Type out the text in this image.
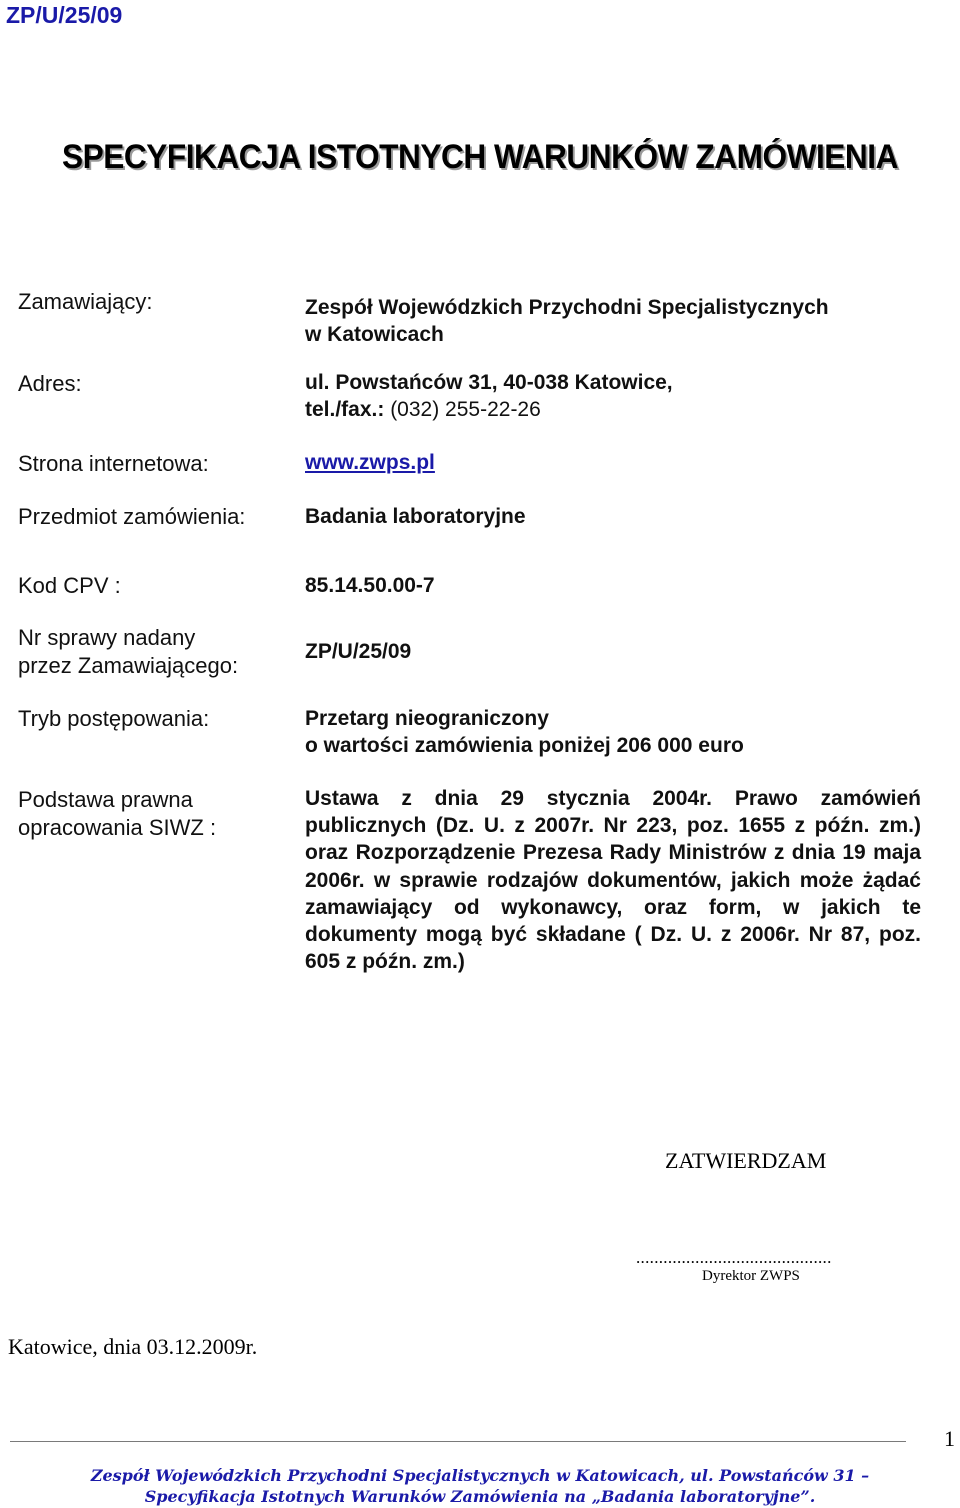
ZP/U/25/09
SPECYFIKACJA ISTOTNYCH WARUNKÓW ZAMÓWIENIA
Zamawiający:	Zespół Wojewódzkich Przychodni Specjalistycznych
w Katowicach
Adres:	ul. Powstańców 31, 40-038 Katowice,
tel./fax.: (032) 255-22-26
Strona internetowa:	www.zwps.pl
Przedmiot zamówienia:	Badania laboratoryjne
Kod CPV :	85.14.50.00-7
Nr sprawy nadany
przez Zamawiającego:
ZP/U/25/09
Tryb postępowania:	Przetarg nieograniczony
o wartości zamówienia poniżej 206 000 euro
Podstawa prawna
opracowania SIWZ :
Ustawa z dnia 29 stycznia 2004r. Prawo zamówień publicznych (Dz. U. z 2007r. Nr 223, poz. 1655 z późn. zm.) oraz Rozporządzenie Prezesa Rady Ministrów z dnia 19 maja 2006r. w sprawie rodzajów dokumentów, jakich może żądać zamawiający od wykonawcy, oraz form, w jakich te dokumenty mogą być składane ( Dz. U. z 2006r. Nr 87, poz. 605 z późn. zm.)
ZATWIERDZAM
...........................................
Dyrektor ZWPS
Katowice, dnia 03.12.2009r.
1
Zespół Wojewódzkich Przychodni Specjalistycznych w Katowicach, ul. Powstańców 31 –
Specyfikacja Istotnych Warunków Zamówienia na „Badania laboratoryjne”.
